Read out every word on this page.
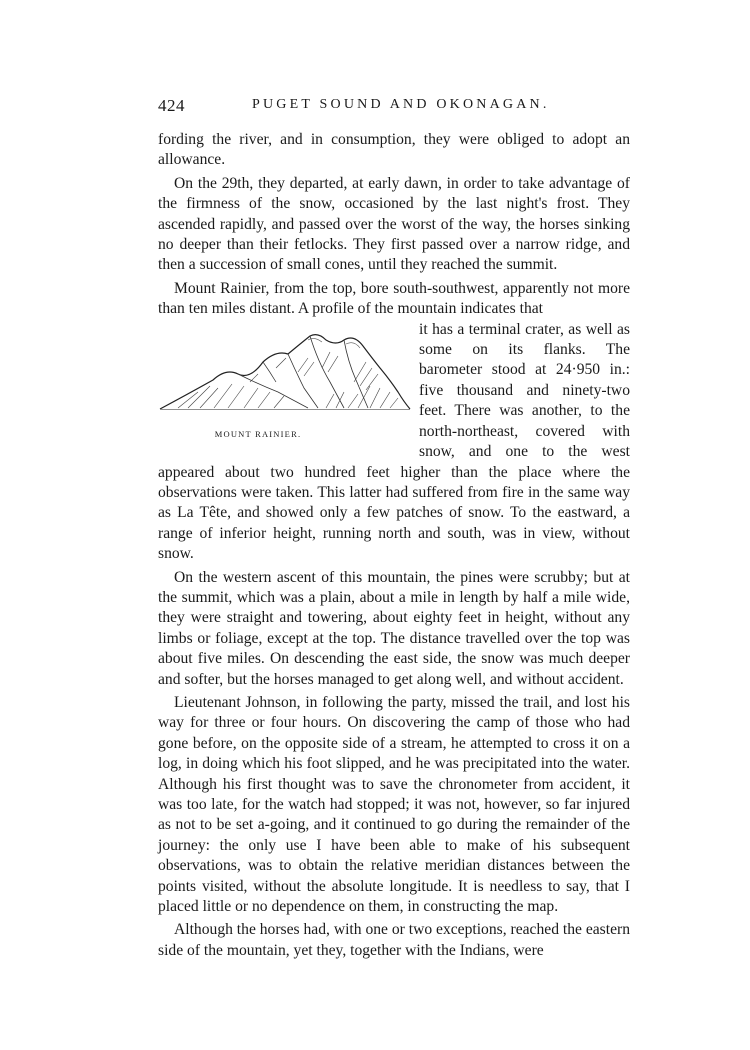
424	PUGET SOUND AND OKONAGAN.

fording the river, and in consumption, they were obliged to adopt an allowance.

On the 29th, they departed, at early dawn, in order to take advantage of the firmness of the snow, occasioned by the last night's frost. They ascended rapidly, and passed over the worst of the way, the horses sinking no deeper than their fetlocks. They first passed over a narrow ridge, and then a succession of small cones, until they reached the summit.

Mount Rainier, from the top, bore south-southwest, apparently not more than ten miles distant. A profile of the mountain indicates that

MOUNT RAINIER.

it has a terminal crater, as well as some on its flanks. The barometer stood at 24·950 in.: five thousand and ninety-two feet. There was another, to the north-northeast, covered with snow, and one to the west appeared about two hundred feet higher than the place where the observations were taken. This latter had suffered from fire in the same way as La Tête, and showed only a few patches of snow. To the eastward, a range of inferior height, running north and south, was in view, without snow.

On the western ascent of this mountain, the pines were scrubby; but at the summit, which was a plain, about a mile in length by half a mile wide, they were straight and towering, about eighty feet in height, without any limbs or foliage, except at the top. The distance travelled over the top was about five miles. On descending the east side, the snow was much deeper and softer, but the horses managed to get along well, and without accident.

Lieutenant Johnson, in following the party, missed the trail, and lost his way for three or four hours. On discovering the camp of those who had gone before, on the opposite side of a stream, he attempted to cross it on a log, in doing which his foot slipped, and he was precipitated into the water. Although his first thought was to save the chronometer from accident, it was too late, for the watch had stopped; it was not, however, so far injured as not to be set a-going, and it continued to go during the remainder of the journey: the only use I have been able to make of his subsequent observations, was to obtain the relative meridian distances between the points visited, without the absolute longitude. It is needless to say, that I placed little or no dependence on them, in constructing the map.

Although the horses had, with one or two exceptions, reached the eastern side of the mountain, yet they, together with the Indians, were
